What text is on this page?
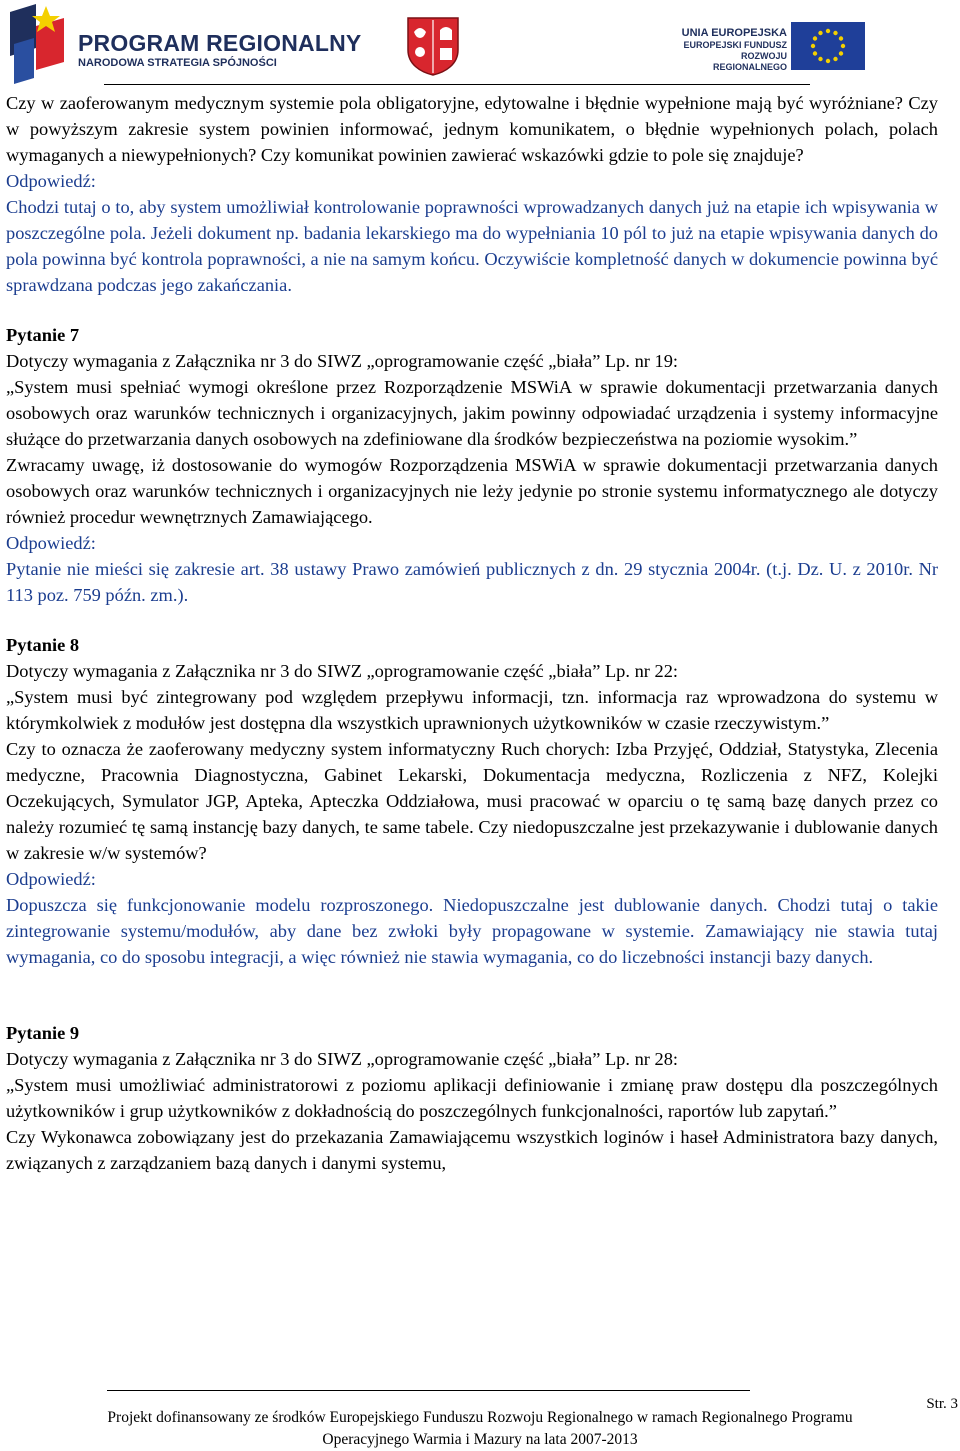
PROGRAM REGIONALNY
NARODOWA STRATEGIA SPÓJNOŚCI
UNIA EUROPEJSKA
EUROPEJSKI FUNDUSZ
ROZWOJU REGIONALNEGO

Czy w zaoferowanym medycznym systemie pola obligatoryjne, edytowalne i błędnie wypełnione mają być wyróżniane? Czy w powyższym zakresie system powinien informować, jednym komunikatem, o błędnie wypełnionych polach, polach wymaganych a niewypełnionych? Czy komunikat powinien zawierać wskazówki gdzie to pole się znajduje?

Odpowiedź:

Chodzi tutaj o to, aby system umożliwiał kontrolowanie poprawności wprowadzanych danych już na etapie ich wpisywania w poszczególne pola. Jeżeli dokument np. badania lekarskiego ma do wypełniania 10 pól to już na etapie wpisywania danych do pola powinna być kontrola poprawności, a nie na samym końcu. Oczywiście kompletność danych w dokumencie powinna być sprawdzana podczas jego zakańczania.

Pytanie 7

Dotyczy wymagania z Załącznika nr 3 do SIWZ „oprogramowanie część „biała” Lp. nr 19:

„System musi spełniać wymogi określone przez Rozporządzenie MSWiA w sprawie dokumentacji przetwarzania danych osobowych oraz warunków technicznych i organizacyjnych, jakim powinny odpowiadać urządzenia i systemy informacyjne służące do przetwarzania danych osobowych na zdefiniowane dla środków bezpieczeństwa na poziomie wysokim.”

Zwracamy uwagę, iż dostosowanie do wymogów Rozporządzenia MSWiA w sprawie dokumentacji przetwarzania danych osobowych oraz warunków technicznych i organizacyjnych nie leży jedynie po stronie systemu informatycznego ale dotyczy również procedur wewnętrznych Zamawiającego.

Odpowiedź:

Pytanie nie mieści się zakresie art. 38 ustawy Prawo zamówień publicznych z dn. 29 stycznia 2004r. (t.j. Dz. U. z 2010r. Nr 113 poz. 759 późn. zm.).

Pytanie 8

Dotyczy wymagania z Załącznika nr 3 do SIWZ „oprogramowanie część „biała” Lp. nr 22:

„System musi być zintegrowany pod względem przepływu informacji, tzn. informacja raz wprowadzona do systemu w którymkolwiek z modułów jest dostępna dla wszystkich uprawnionych użytkowników w czasie rzeczywistym.”

Czy to oznacza że zaoferowany medyczny system informatyczny Ruch chorych: Izba Przyjęć, Oddział, Statystyka, Zlecenia medyczne, Pracownia Diagnostyczna, Gabinet Lekarski, Dokumentacja medyczna, Rozliczenia z NFZ, Kolejki Oczekujących, Symulator JGP, Apteka, Apteczka Oddziałowa, musi pracować w oparciu o tę samą bazę danych przez co należy rozumieć tę samą instancję bazy danych, te same tabele. Czy niedopuszczalne jest przekazywanie i dublowanie danych w zakresie w/w systemów?

Odpowiedź:

Dopuszcza się funkcjonowanie modelu rozproszonego. Niedopuszczalne jest dublowanie danych. Chodzi tutaj o takie zintegrowanie systemu/modułów, aby dane bez zwłoki były propagowane w systemie. Zamawiający nie stawia tutaj wymagania, co do sposobu integracji, a więc również nie stawia wymagania, co do liczebności instancji bazy danych.

Pytanie 9

Dotyczy wymagania z Załącznika nr 3 do SIWZ „oprogramowanie część „biała” Lp. nr 28:

„System musi umożliwiać administratorowi z poziomu aplikacji definiowanie i zmianę praw dostępu dla poszczególnych użytkowników i grup użytkowników z dokładnością do poszczególnych funkcjonalności, raportów lub zapytań.”

Czy Wykonawca zobowiązany jest do przekazania Zamawiającemu wszystkich loginów i haseł Administratora bazy danych, związanych z zarządzaniem bazą danych i danymi systemu,

Str. 3
Projekt dofinansowany ze środków Europejskiego Funduszu Rozwoju Regionalnego w ramach Regionalnego Programu
Operacyjnego Warmia i Mazury na lata 2007-2013
